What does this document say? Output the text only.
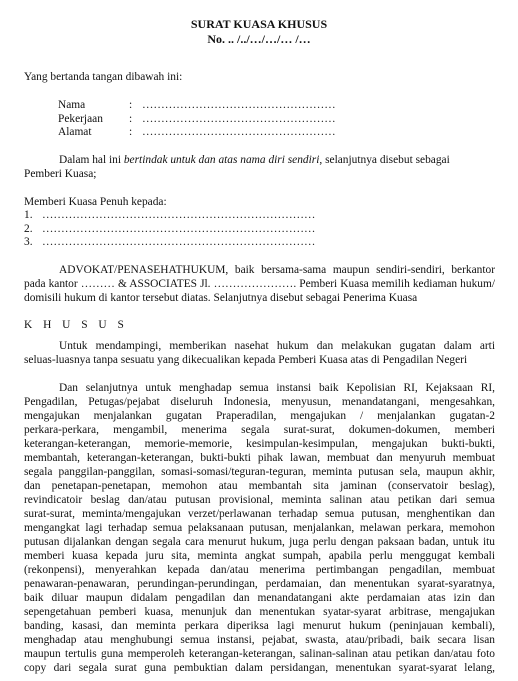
SURAT KUASA KHUSUS
No. .. /../…/…/… /…
Yang bertanda tangan dibawah ini:
Nama	: ……………………………………………
Pekerjaan : ……………………………………………
Alamat	: ……………………………………………
Dalam hal ini bertindak untuk dan atas nama diri sendiri, selanjutnya disebut sebagai
Pemberi Kuasa;
Memberi Kuasa Penuh kepada:
1. ………………………………………………………………
2. ………………………………………………………………
3. ………………………………………………………………
ADVOKAT/PENASEHATHUKUM, baik bersama-sama maupun sendiri-sendiri, berkantor
pada kantor ……… & ASSOCIATES Jl. …………………. Pemberi Kuasa memilih kediaman hukum/
domisili hukum di kantor tersebut diatas. Selanjutnya disebut sebagai Penerima Kuasa
K H U S U S
Untuk mendampingi, memberikan nasehat hukum dan melakukan gugatan dalam arti
seluas-luasnya tanpa sesuatu yang dikecualikan kepada Pemberi Kuasa atas di Pengadilan Negeri
Dan selanjutnya untuk menghadap semua instansi baik Kepolisian RI, Kejaksaan RI,
Pengadilan, Petugas/pejabat diseluruh Indonesia, menyusun, menandatangani, mengesahkan,
mengajukan menjalankan gugatan Praperadilan, mengajukan / menjalankan gugatan-2
perkara-perkara, mengambil, menerima segala surat-surat, dokumen-dokumen, memberi
keterangan-keterangan, memorie-memorie, kesimpulan-kesimpulan, mengajukan bukti-bukti,
membantah, keterangan-keterangan, bukti-bukti pihak lawan, membuat dan menyuruh membuat
segala panggilan-panggilan, somasi-somasi/teguran-teguran, meminta putusan sela, maupun akhir,
dan penetapan-penetapan, memohon atau membantah sita jaminan (conservatoir beslag),
revindicatoir beslag dan/atau putusan provisional, meminta salinan atau petikan dari semua
surat-surat, meminta/mengajukan verzet/perlawanan terhadap semua putusan, menghentikan dan
mengangkat lagi terhadap semua pelaksanaan putusan, menjalankan, melawan perkara, memohon
putusan dijalankan dengan segala cara menurut hukum, juga perlu dengan paksaan badan, untuk itu
memberi kuasa kepada juru sita, meminta angkat sumpah, apabila perlu menggugat kembali
(rekonpensi), menyerahkan kepada dan/atau menerima pertimbangan pengadilan, membuat
penawaran-penawaran, perundingan-perundingan, perdamaian, dan menentukan syarat-syaratnya,
baik diluar maupun didalam pengadilan dan menandatangani akte perdamaian atas izin dan
sepengetahuan pemberi kuasa, menunjuk dan menentukan syatar-syarat arbitrase, mengajukan
banding, kasasi, dan meminta perkara diperiksa lagi menurut hukum (peninjauan kembali),
menghadap atau menghubungi semua instansi, pejabat, swasta, atau/pribadi, baik secara lisan
maupun tertulis guna memperoleh keterangan-keterangan, salinan-salinan atau petikan dan/atau foto
copy dari segala surat guna pembuktian dalam persidangan, menentukan syarat-syarat lelang,
